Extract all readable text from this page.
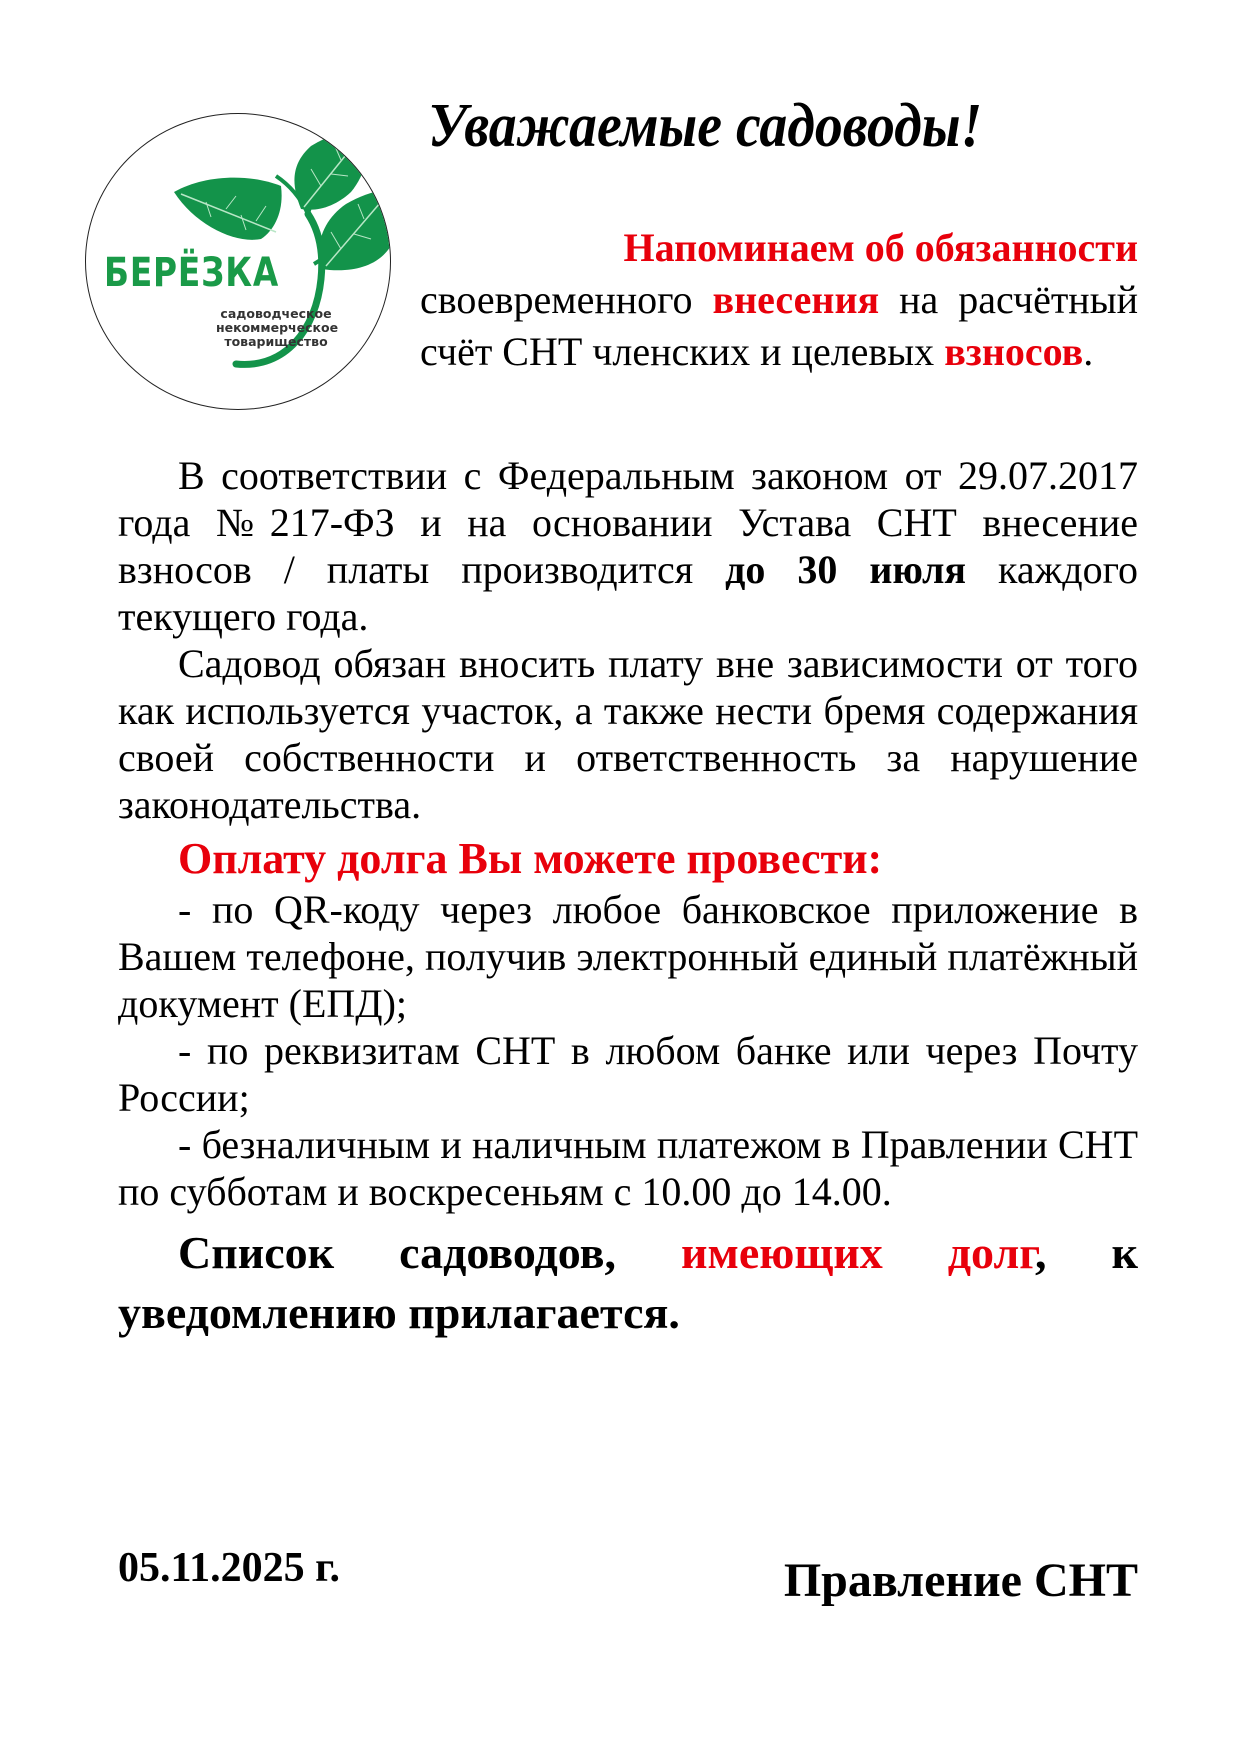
БЕРЁЗКА
садоводческое
некоммерческое
товарищество
Уважаемые садоводы!
Напоминаем об обязанности
своевременного внесения на расчётный счёт СНТ членских и целевых взносов.

В соответствии с Федеральным законом от 29.07.2017 года №217-ФЗ и на основании Устава СНТ внесение взносов / платы производится до 30 июля каждого текущего года.

Садовод обязан вносить плату вне зависимости от того как используется участок, а также нести бремя содержания своей собственности и ответственность за нарушение законодательства.

Оплату долга Вы можете провести:

- по QR-коду через любое банковское приложение в Вашем телефоне, получив электронный единый платёжный документ (ЕПД);

- по реквизитам СНТ в любом банке или через Почту России;

- безналичным и наличным платежом в Правлении СНТ по субботам и воскресеньям с 10.00 до 14.00.

Список садоводов, имеющих долг, к уведомлению прилагается.

05.11.2025 г.	Правление СНТ
